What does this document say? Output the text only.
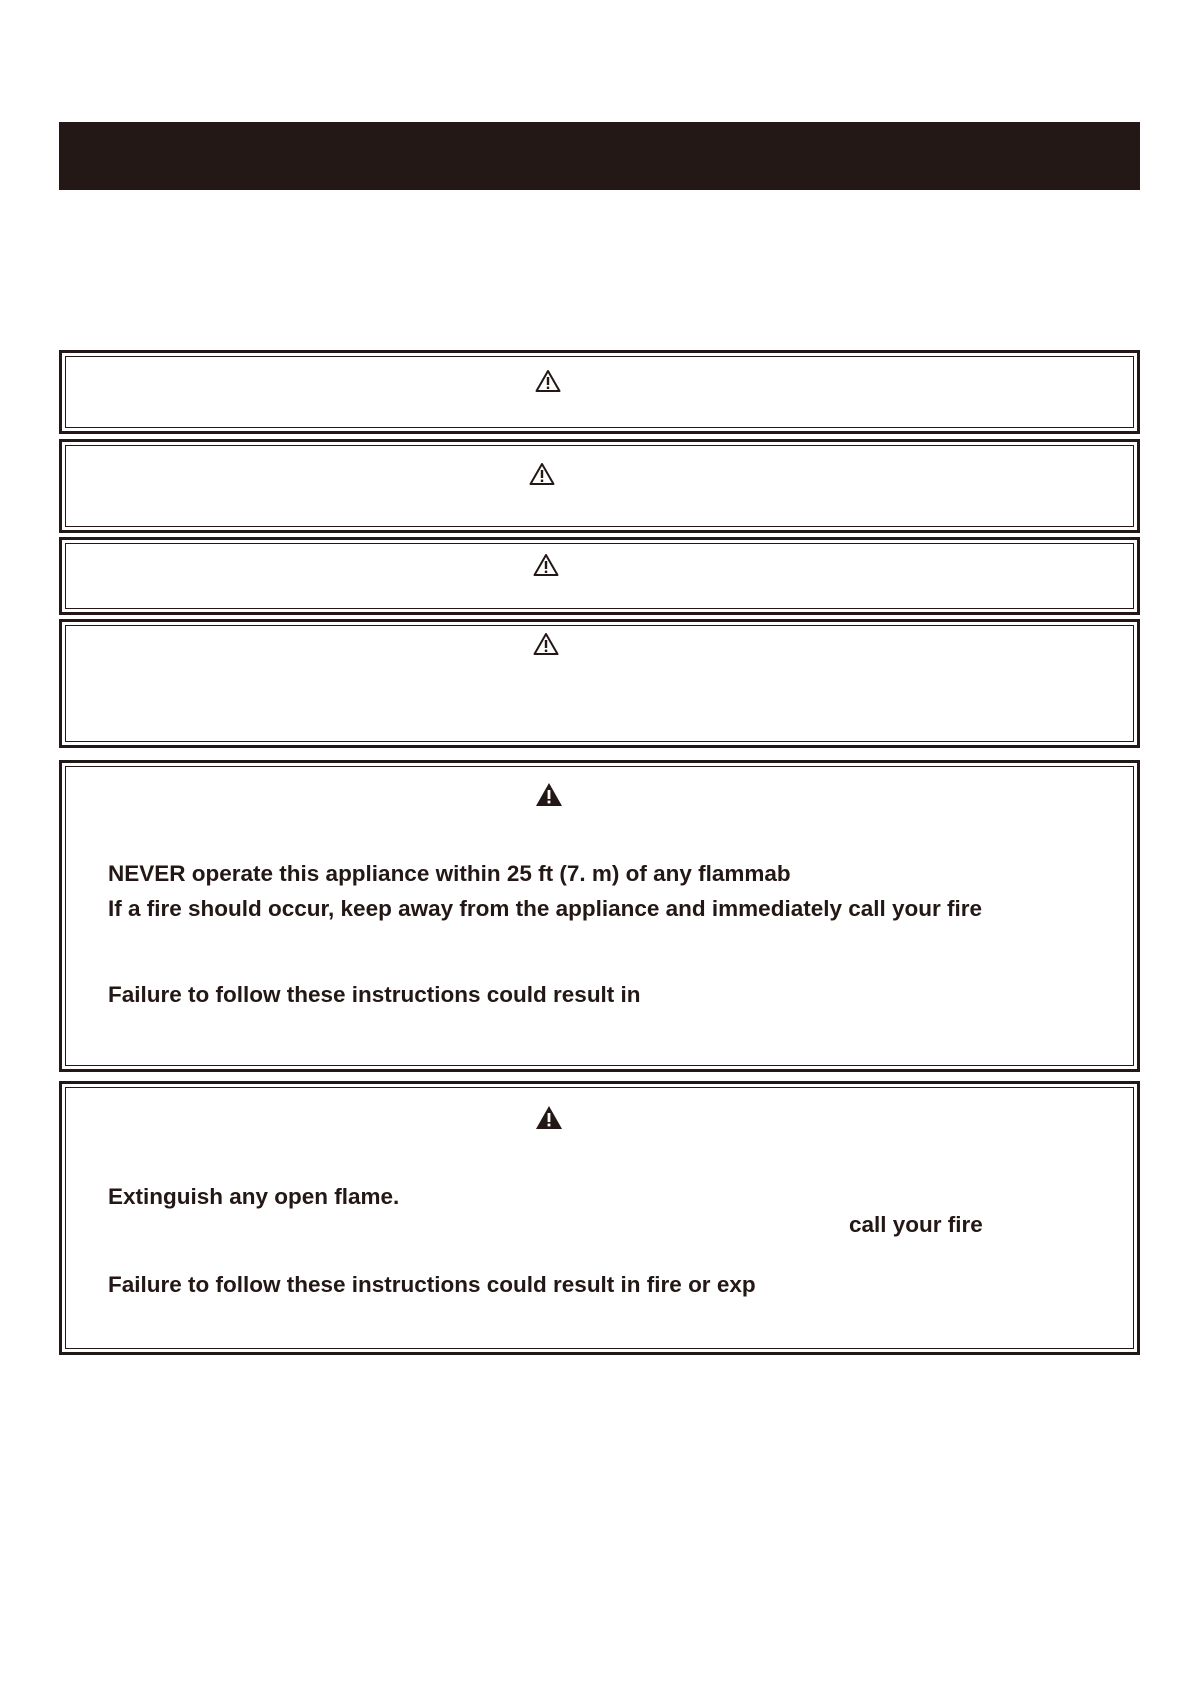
NEVER operate this appliance within 25 ft (7. m) of any flammab

If a fire should occur, keep away from the appliance and immediately call your fire

Failure to follow these instructions could result in

Extinguish any open flame.

call your fire

Failure to follow these instructions could result in fire or exp
